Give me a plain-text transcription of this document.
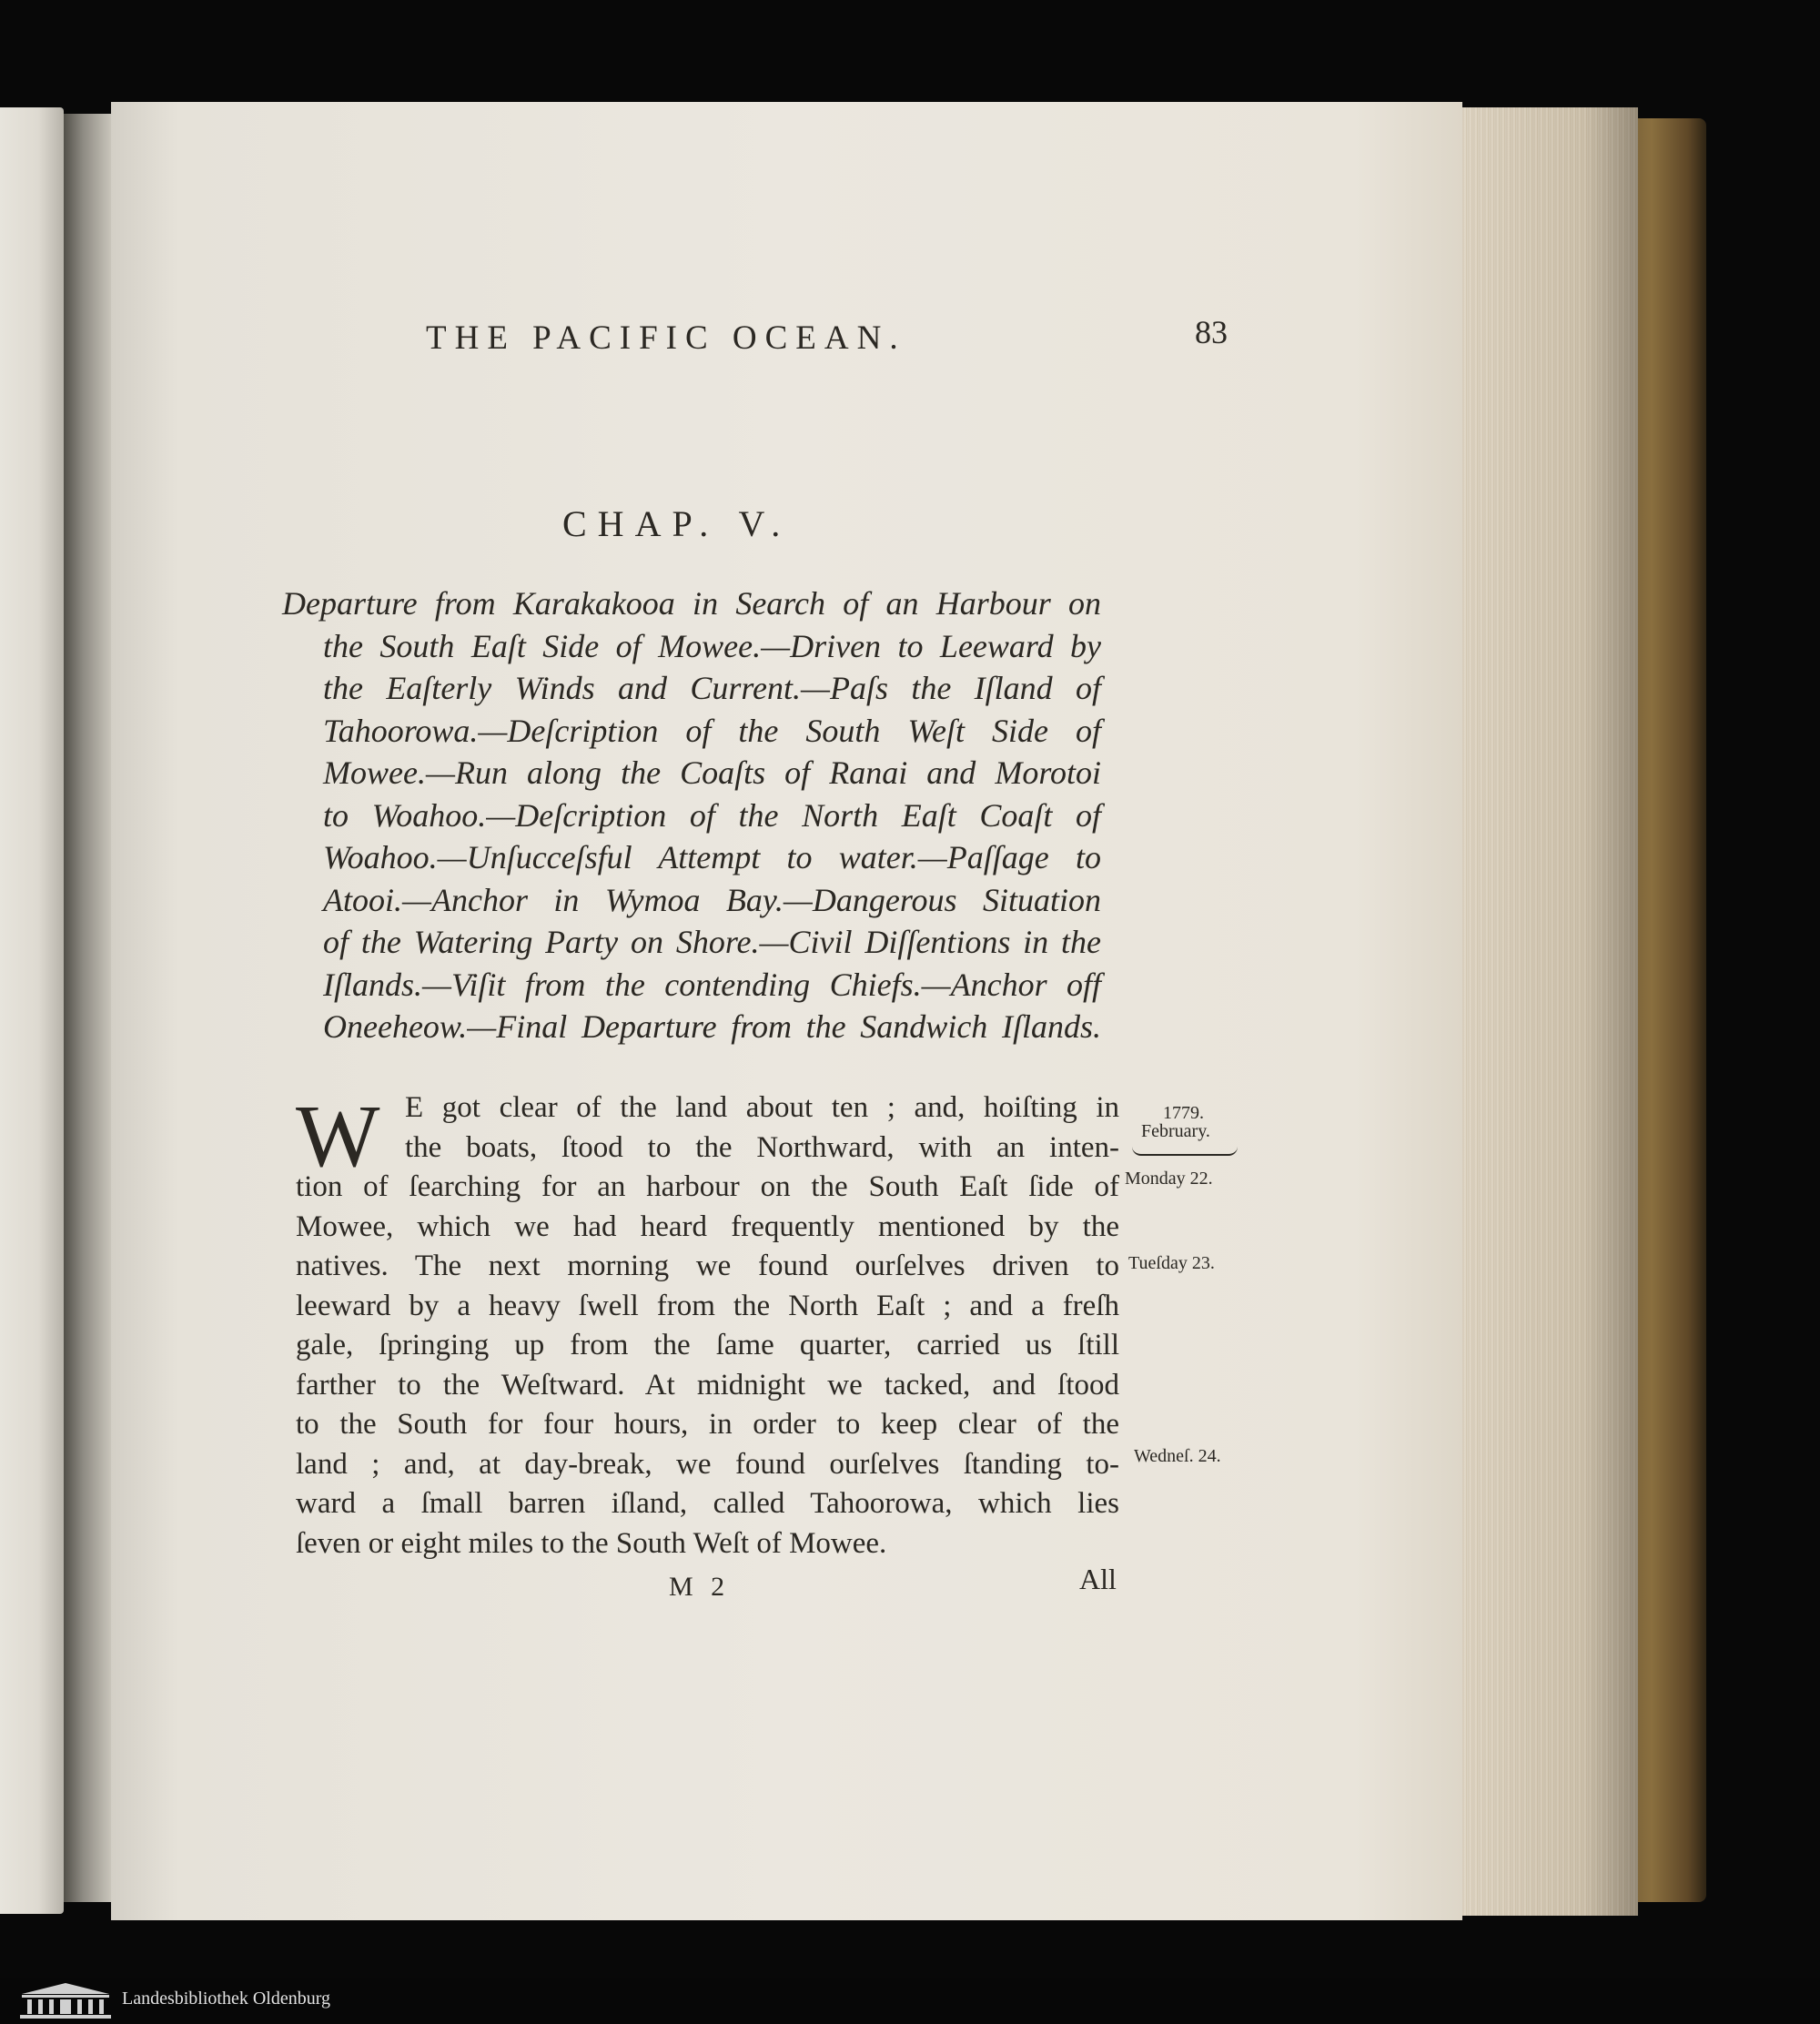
THE PACIFIC OCEAN.	83
CHAP. V.
Departure from Karakakooa in Search of an Harbour on
the South Eaſt Side of Mowee.—Driven to Leeward by
the Eaſterly Winds and Current.—Paſs the Iſland of
Tahoorowa.—Deſcription of the South Weſt Side of
Mowee.—Run along the Coaſts of Ranai and Morotoi
to Woahoo.—Deſcription of the North Eaſt Coaſt of
Woahoo.—Unſucceſsful Attempt to water.—Paſſage to
Atooi.—Anchor in Wymoa Bay.—Dangerous Situation
of the Watering Party on Shore.—Civil Diſſentions in the
Iſlands.—Viſit from the contending Chiefs.—Anchor off
Oneeheow.—Final Departure from the Sandwich Iſlands.
W E got clear of the land about ten ; and, hoiſting in
the boats, ſtood to the Northward, with an inten-
tion of ſearching for an harbour on the South Eaſt ſide of
Mowee, which we had heard frequently mentioned by the
natives. The next morning we found ourſelves driven to
leeward by a heavy ſwell from the North Eaſt ; and a freſh
gale, ſpringing up from the ſame quarter, carried us ſtill
farther to the Weſtward. At midnight we tacked, and ſtood
to the South for four hours, in order to keep clear of the
land ; and, at day-break, we found ourſelves ſtanding to-
ward a ſmall barren iſland, called Tahoorowa, which lies
ſeven or eight miles to the South Weſt of Mowee.
1779.
February.
Monday 22.
Tueſday 23.
Wedneſ. 24.
M 2	All
Landesbibliothek Oldenburg
